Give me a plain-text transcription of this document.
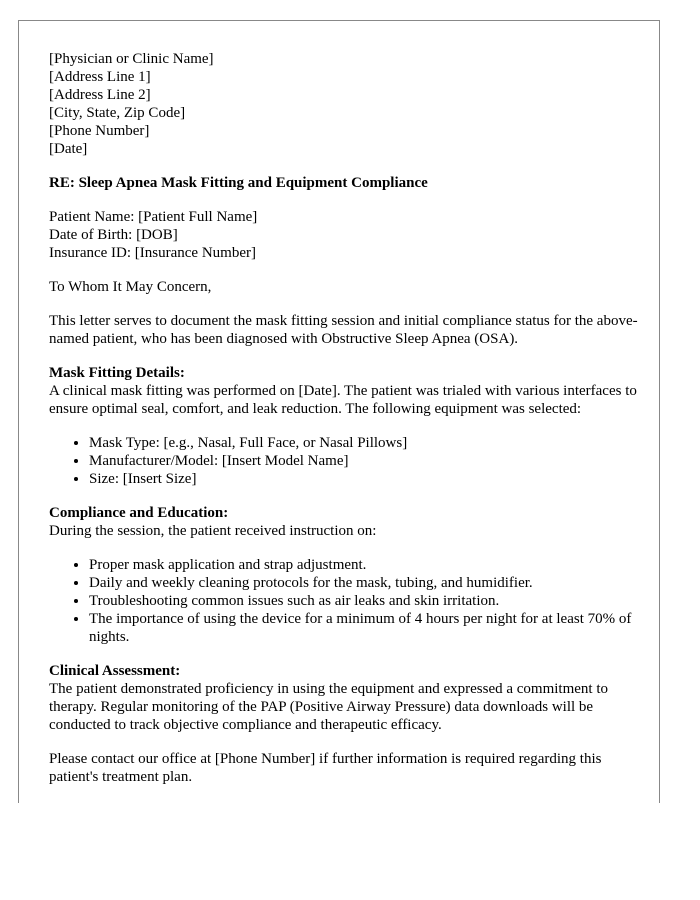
[Physician or Clinic Name]
[Address Line 1]
[Address Line 2]
[City, State, Zip Code]
[Phone Number]
[Date]

RE: Sleep Apnea Mask Fitting and Equipment Compliance

Patient Name: [Patient Full Name]
Date of Birth: [DOB]
Insurance ID: [Insurance Number]

To Whom It May Concern,

This letter serves to document the mask fitting session and initial compliance status for the above-named patient, who has been diagnosed with Obstructive Sleep Apnea (OSA).

Mask Fitting Details:
A clinical mask fitting was performed on [Date]. The patient was trialed with various interfaces to ensure optimal seal, comfort, and leak reduction. The following equipment was selected:
• Mask Type: [e.g., Nasal, Full Face, or Nasal Pillows]
• Manufacturer/Model: [Insert Model Name]
• Size: [Insert Size]
Compliance and Education:
During the session, the patient received instruction on:
• Proper mask application and strap adjustment.
• Daily and weekly cleaning protocols for the mask, tubing, and humidifier.
• Troubleshooting common issues such as air leaks and skin irritation.
• The importance of using the device for a minimum of 4 hours per night for at least 70% of nights.
Clinical Assessment:
The patient demonstrated proficiency in using the equipment and expressed a commitment to therapy. Regular monitoring of the PAP (Positive Airway Pressure) data downloads will be conducted to track objective compliance and therapeutic efficacy.

Please contact our office at [Phone Number] if further information is required regarding this patient's treatment plan.
